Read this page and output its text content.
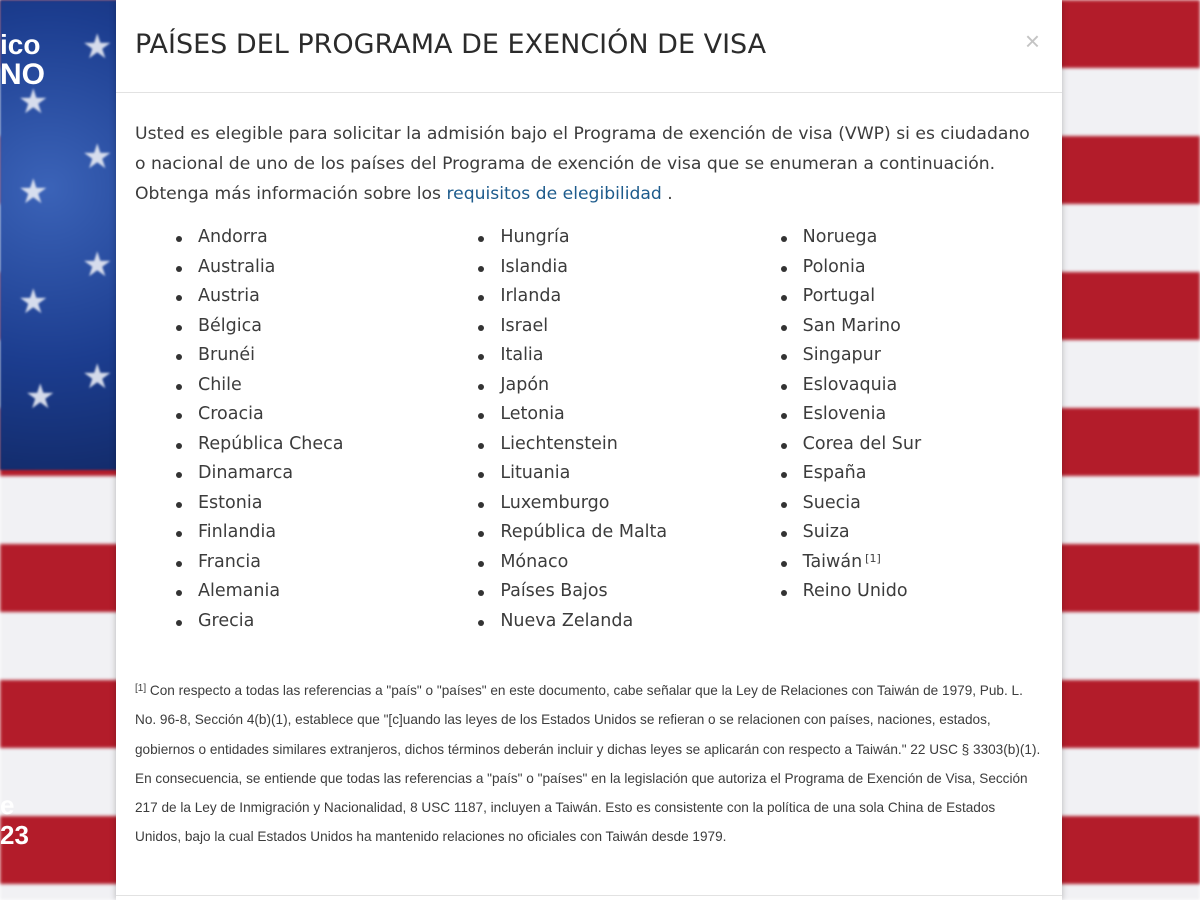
★
★
★
★
★
★
★
★
ico
NO
e
23
PAÍSES DEL PROGRAMA DE EXENCIÓN DE VISA	×

Usted es elegible para solicitar la admisión bajo el Programa de exención de visa (VWP) si es ciudadano o nacional de uno de los países del Programa de exención de visa que se enumeran a continuación. Obtenga más información sobre los requisitos de elegibilidad .

Andorra
Australia
Austria
Bélgica
Brunéi
Chile
Croacia
República Checa
Dinamarca
Estonia
Finlandia
Francia
Alemania
Grecia
Hungría
Islandia
Irlanda
Israel
Italia
Japón
Letonia
Liechtenstein
Lituania
Luxemburgo
República de Malta
Mónaco
Países Bajos
Nueva Zelanda
Noruega
Polonia
Portugal
San Marino
Singapur
Eslovaquia
Eslovenia
Corea del Sur
España
Suecia
Suiza
Taiwán [1]
Reino Unido
[1] Con respecto a todas las referencias a "país" o "países" en este documento, cabe señalar que la Ley de Relaciones con Taiwán de 1979, Pub. L. No. 96-8, Sección 4(b)(1), establece que "[c]uando las leyes de los Estados Unidos se refieran o se relacionen con países, naciones, estados, gobiernos o entidades similares extranjeros, dichos términos deberán incluir y dichas leyes se aplicarán con respecto a Taiwán." 22 USC § 3303(b)(1). En consecuencia, se entiende que todas las referencias a "país" o "países" en la legislación que autoriza el Programa de Exención de Visa, Sección 217 de la Ley de Inmigración y Nacionalidad, 8 USC 1187, incluyen a Taiwán. Esto es consistente con la política de una sola China de Estados Unidos, bajo la cual Estados Unidos ha mantenido relaciones no oficiales con Taiwán desde 1979.
